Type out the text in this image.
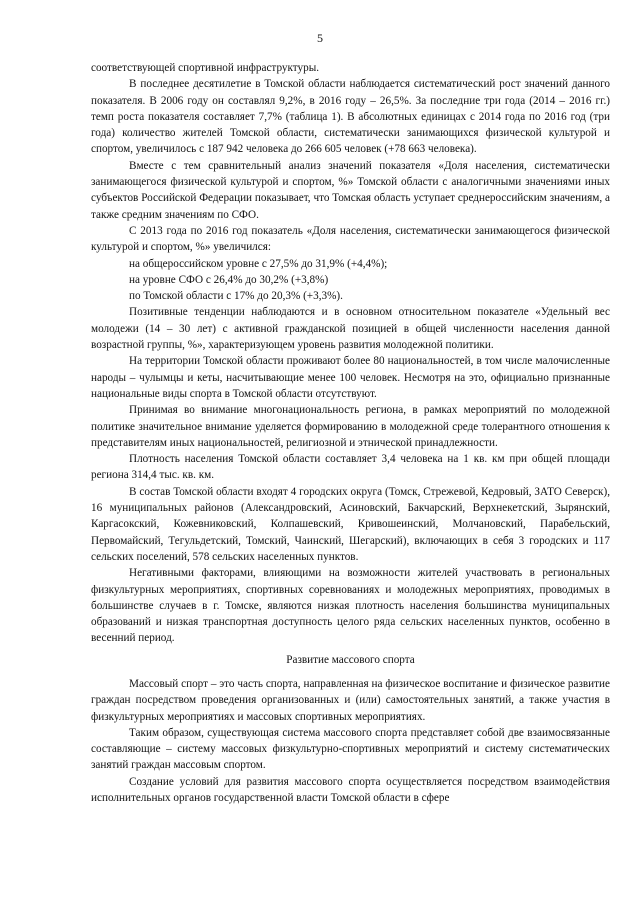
5

соответствующей спортивной инфраструктуры.

В последнее десятилетие в Томской области наблюдается систематический рост значений данного показателя. В 2006 году он составлял 9,2%, в 2016 году – 26,5%. За последние три года (2014 – 2016 гг.) темп роста показателя составляет 7,7% (таблица 1). В абсолютных единицах с 2014 года по 2016 год (три года) количество жителей Томской области, систематически занимающихся физической культурой и спортом, увеличилось с 187 942 человека до 266 605 человек (+78 663 человека).

Вместе с тем сравнительный анализ значений показателя «Доля населения, систематически занимающегося физической культурой и спортом, %» Томской области с аналогичными значениями иных субъектов Российской Федерации показывает, что Томская область уступает среднероссийским значениям, а также средним значениям по СФО.

С 2013 года по 2016 год показатель «Доля населения, систематически занимающегося физической культурой и спортом, %» увеличился:

на общероссийском уровне с 27,5% до 31,9% (+4,4%);

на уровне СФО с 26,4% до 30,2% (+3,8%)

по Томской области с 17% до 20,3% (+3,3%).

Позитивные тенденции наблюдаются и в основном относительном показателе «Удельный вес молодежи (14 – 30 лет) с активной гражданской позицией в общей численности населения данной возрастной группы, %», характеризующем уровень развития молодежной политики.

На территории Томской области проживают более 80 национальностей, в том числе малочисленные народы – чулымцы и кеты, насчитывающие менее 100 человек. Несмотря на это, официально признанные национальные виды спорта в Томской области отсутствуют.

Принимая во внимание многонациональность региона, в рамках мероприятий по молодежной политике значительное внимание уделяется формированию в молодежной среде толерантного отношения к представителям иных национальностей, религиозной и этнической принадлежности.

Плотность населения Томской области составляет 3,4 человека на 1 кв. км при общей площади региона 314,4 тыс. кв. км.

В состав Томской области входят 4 городских округа (Томск, Стрежевой, Кедровый, ЗАТО Северск), 16 муниципальных районов (Александровский, Асиновский, Бакчарский, Верхнекетский, Зырянский, Каргасокский, Кожевниковский, Колпашевский, Кривошеинский, Молчановский, Парабельский, Первомайский, Тегульдетский, Томский, Чаинский, Шегарский), включающих в себя 3 городских и 117 сельских поселений, 578 сельских населенных пунктов.

Негативными факторами, влияющими на возможности жителей участвовать в региональных физкультурных мероприятиях, спортивных соревнованиях и молодежных мероприятиях, проводимых в большинстве случаев в г. Томске, являются низкая плотность населения большинства муниципальных образований и низкая транспортная доступность целого ряда сельских населенных пунктов, особенно в весенний период.

Развитие массового спорта

Массовый спорт – это часть спорта, направленная на физическое воспитание и физическое развитие граждан посредством проведения организованных и (или) самостоятельных занятий, а также участия в физкультурных мероприятиях и массовых спортивных мероприятиях.

Таким образом, существующая система массового спорта представляет собой две взаимосвязанные составляющие – систему массовых физкультурно-спортивных мероприятий и систему систематических занятий граждан массовым спортом.

Создание условий для развития массового спорта осуществляется посредством взаимодействия исполнительных органов государственной власти Томской области в сфере
